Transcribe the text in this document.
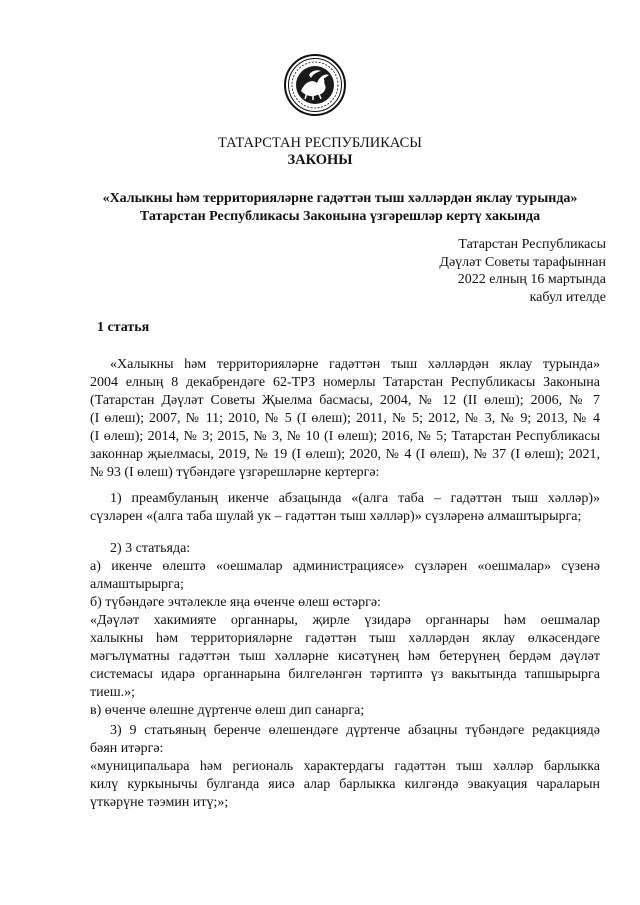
ТАТАРСТАН РЕСПУБЛИКАСЫ
ЗАКОНЫ
«Халыкны һәм территорияләрне гадәттән тыш хәлләрдән яклау турында»
Татарстан Республикасы Законына үзгәрешләр кертү хакында
Татарстан Республикасы
Дәүләт Советы тарафыннан
2022 елның 16 мартында
кабул ителде
1 статья
«Халыкны һәм территорияләрне гадәттән тыш хәлләрдән яклау турында»
2004 елның 8 декабрендәге 62-ТРЗ номерлы Татарстан Республикасы Законына
(Татарстан Дәүләт Советы Җыелма басмасы, 2004, № 12 (II өлеш); 2006, № 7
(I өлеш); 2007, № 11; 2010, № 5 (I өлеш); 2011, № 5; 2012, № 3, № 9; 2013, № 4
(I өлеш); 2014, № 3; 2015, № 3, № 10 (I өлеш); 2016, № 5; Татарстан Республикасы
законнар җыелмасы, 2019, № 19 (I өлеш); 2020, № 4 (I өлеш), № 37 (I өлеш); 2021,
№ 93 (I өлеш) түбәндәге үзгәрешләрне кертергә:
1) преамбуланың икенче абзацында «(алга таба – гадәттән тыш хәлләр)»
сүзләрен «(алга таба шулай ук – гадәттән тыш хәлләр)» сүзләренә алмаштырырга;
2) 3 статьяда:
а) икенче өлештә «оешмалар администрациясе» сүзләрен «оешмалар» сүзенә
алмаштырырга;
б) түбәндәге эчтәлекле яңа өченче өлеш өстәргә:
«Дәүләт хакимияте органнары, җирле үзидарә органнары һәм оешмалар
халыкны һәм территорияләрне гадәттән тыш хәлләрдән яклау өлкәсендәге
мәгълүматны гадәттән тыш хәлләрне кисәтүнең һәм бетерүнең бердәм дәүләт
системасы идарә органнарына билгеләнгән тәртиптә үз вакытында тапшырырга
тиеш.»;
в) өченче өлешне дүртенче өлеш дип санарга;
3) 9 статьяның беренче өлешендәге дүртенче абзацны түбәндәге редакциядә
бәян итәргә:
«муниципальара һәм региональ характердагы гадәттән тыш хәлләр барлыкка
килү куркынычы булганда яисә алар барлыкка килгәндә эвакуация чараларын
үткәрүне тәэмин итү;»;
